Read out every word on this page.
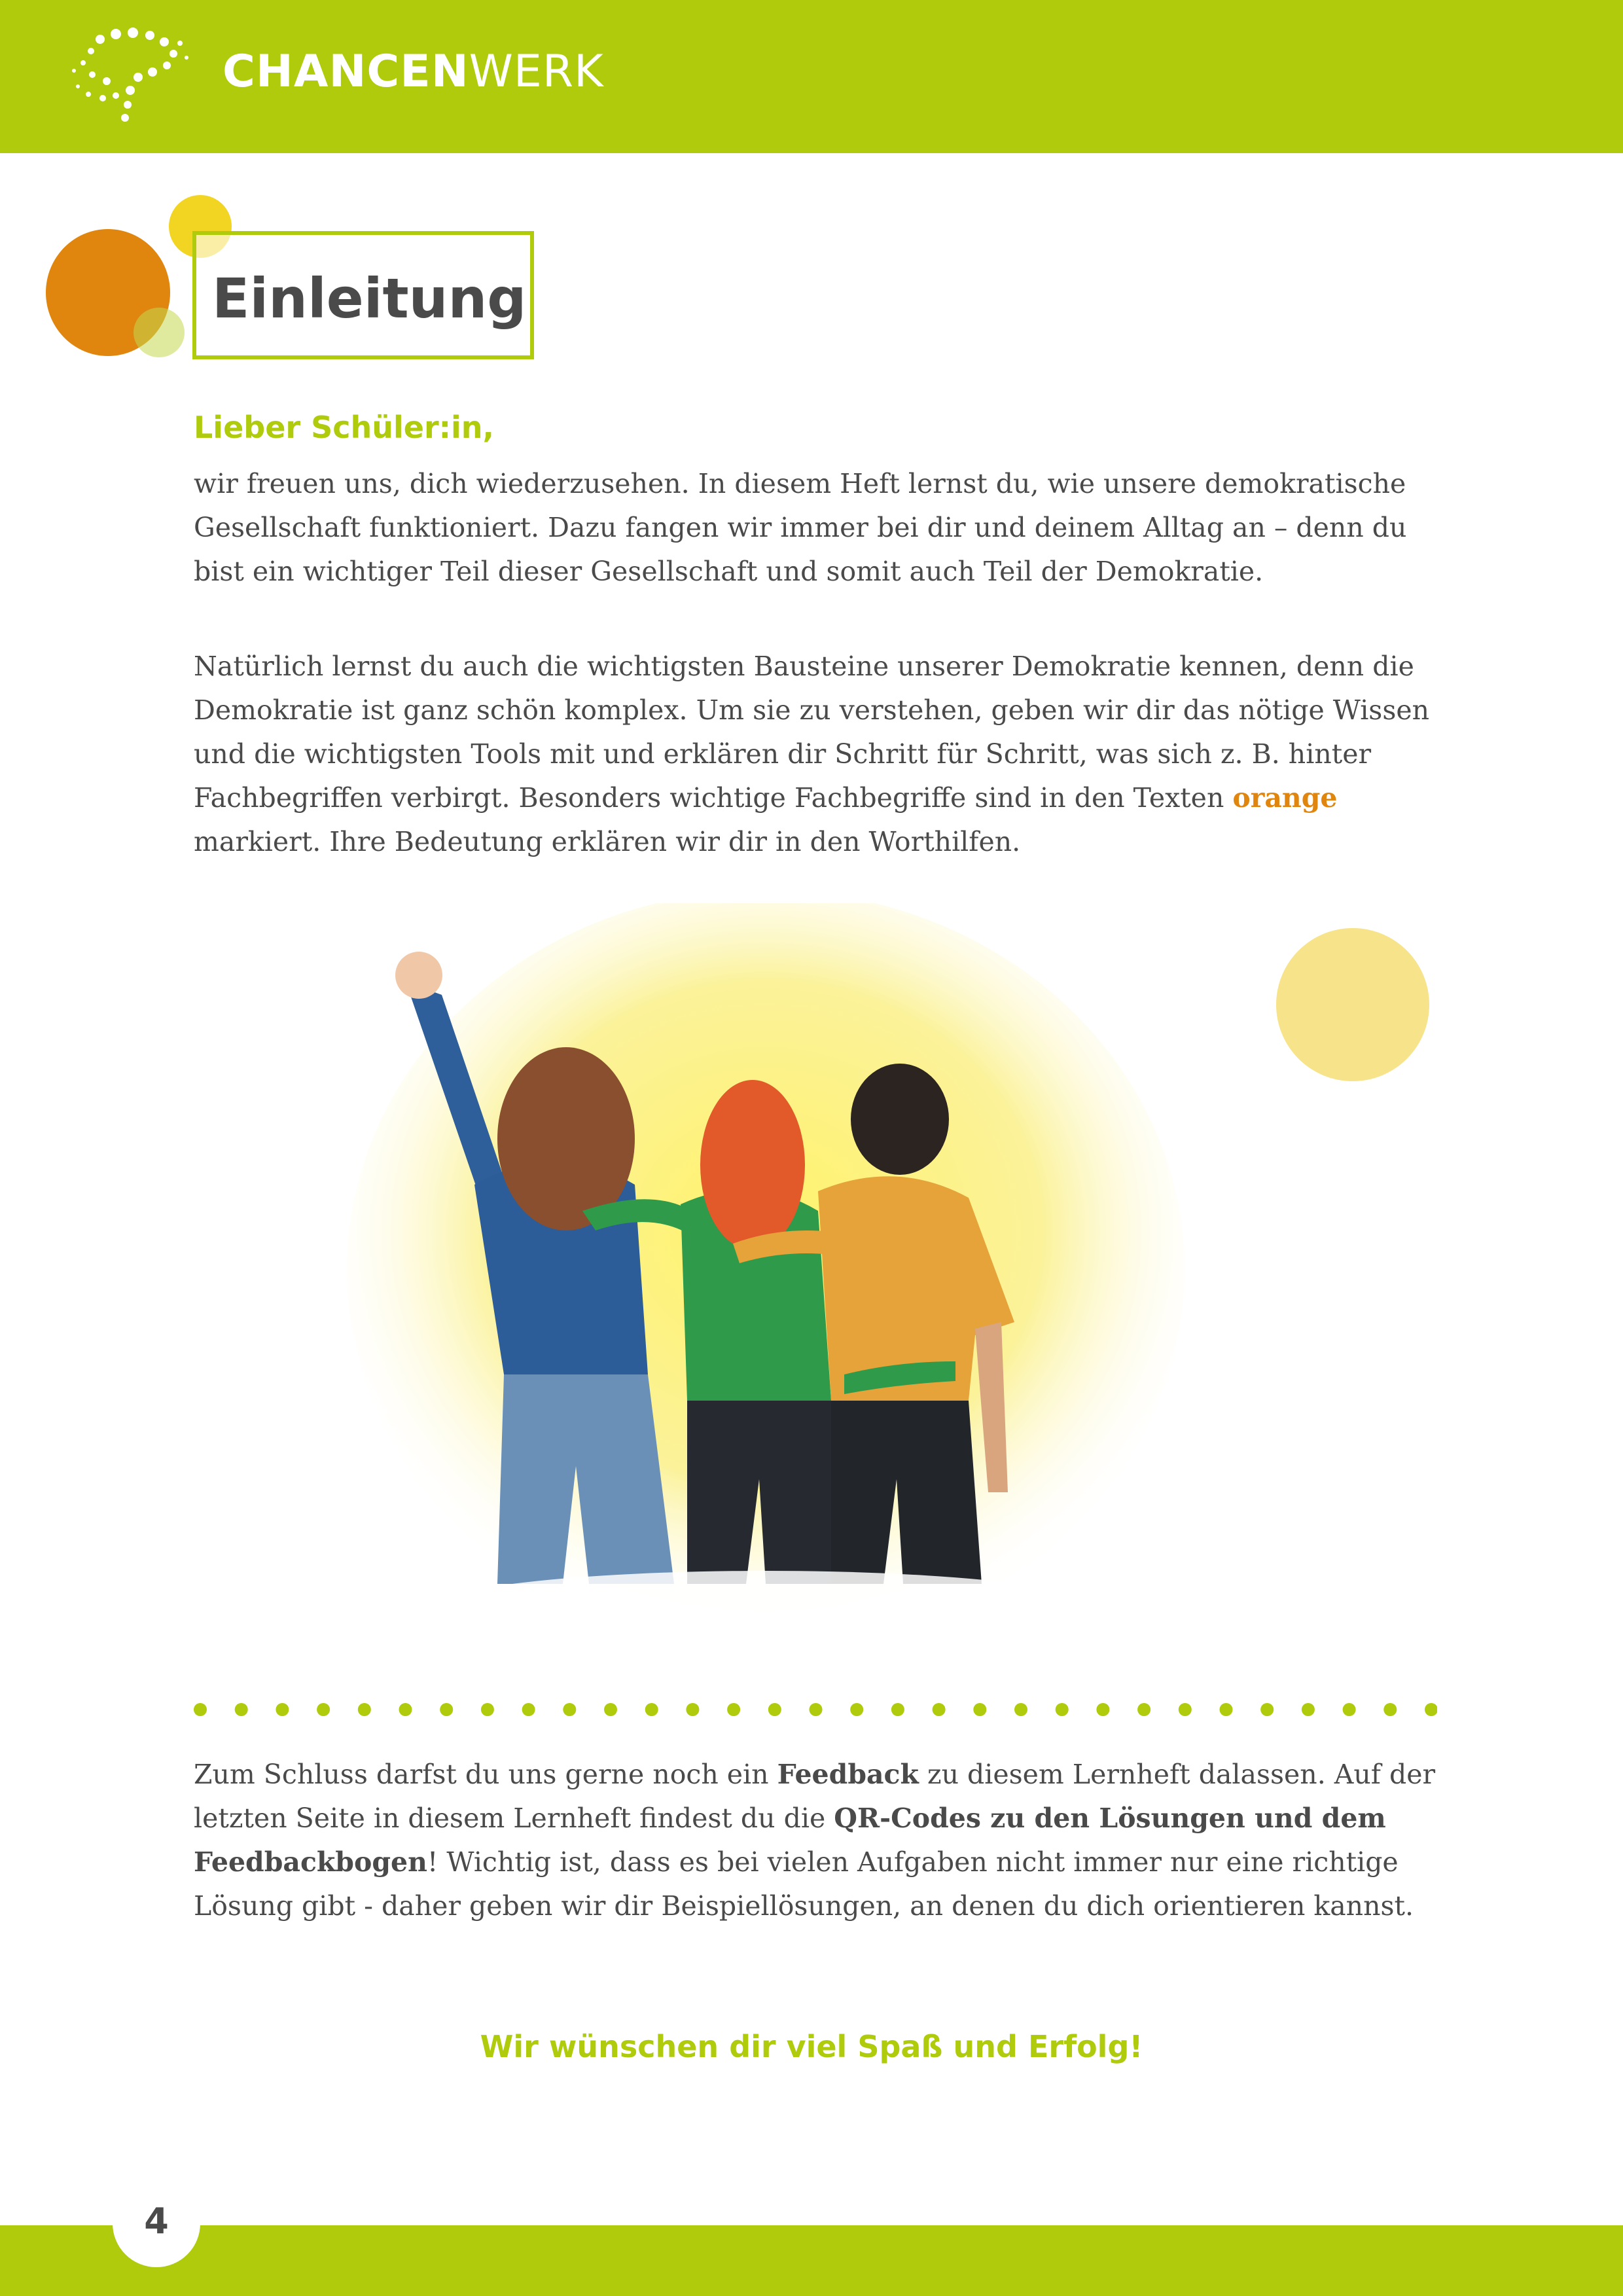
CHANCENWERK
Einleitung
Lieber Schüler:in,

wir freuen uns, dich wiederzusehen. In diesem Heft lernst du, wie unsere demokratische Gesellschaft funktioniert. Dazu fangen wir immer bei dir und deinem Alltag an – denn du bist ein wichtiger Teil dieser Gesellschaft und somit auch Teil der Demokratie.

Natürlich lernst du auch die wichtigsten Bausteine unserer Demokratie kennen, denn die Demokratie ist ganz schön komplex. Um sie zu verstehen, geben wir dir das nötige Wissen und die wichtigsten Tools mit und erklären dir Schritt für Schritt, was sich z. B. hinter Fachbegriffen verbirgt. Besonders wichtige Fachbegriffe sind in den Texten orange markiert. Ihre Bedeutung erklären wir dir in den Worthilfen.

Zum Schluss darfst du uns gerne noch ein Feedback zu diesem Lernheft dalassen. Auf der letzten Seite in diesem Lernheft findest du die QR-Codes zu den Lösungen und dem Feedbackbogen! Wichtig ist, dass es bei vielen Aufgaben nicht immer nur eine richtige Lösung gibt - daher geben wir dir Beispiellösungen, an denen du dich orientieren kannst.

Wir wünschen dir viel Spaß und Erfolg!
4
